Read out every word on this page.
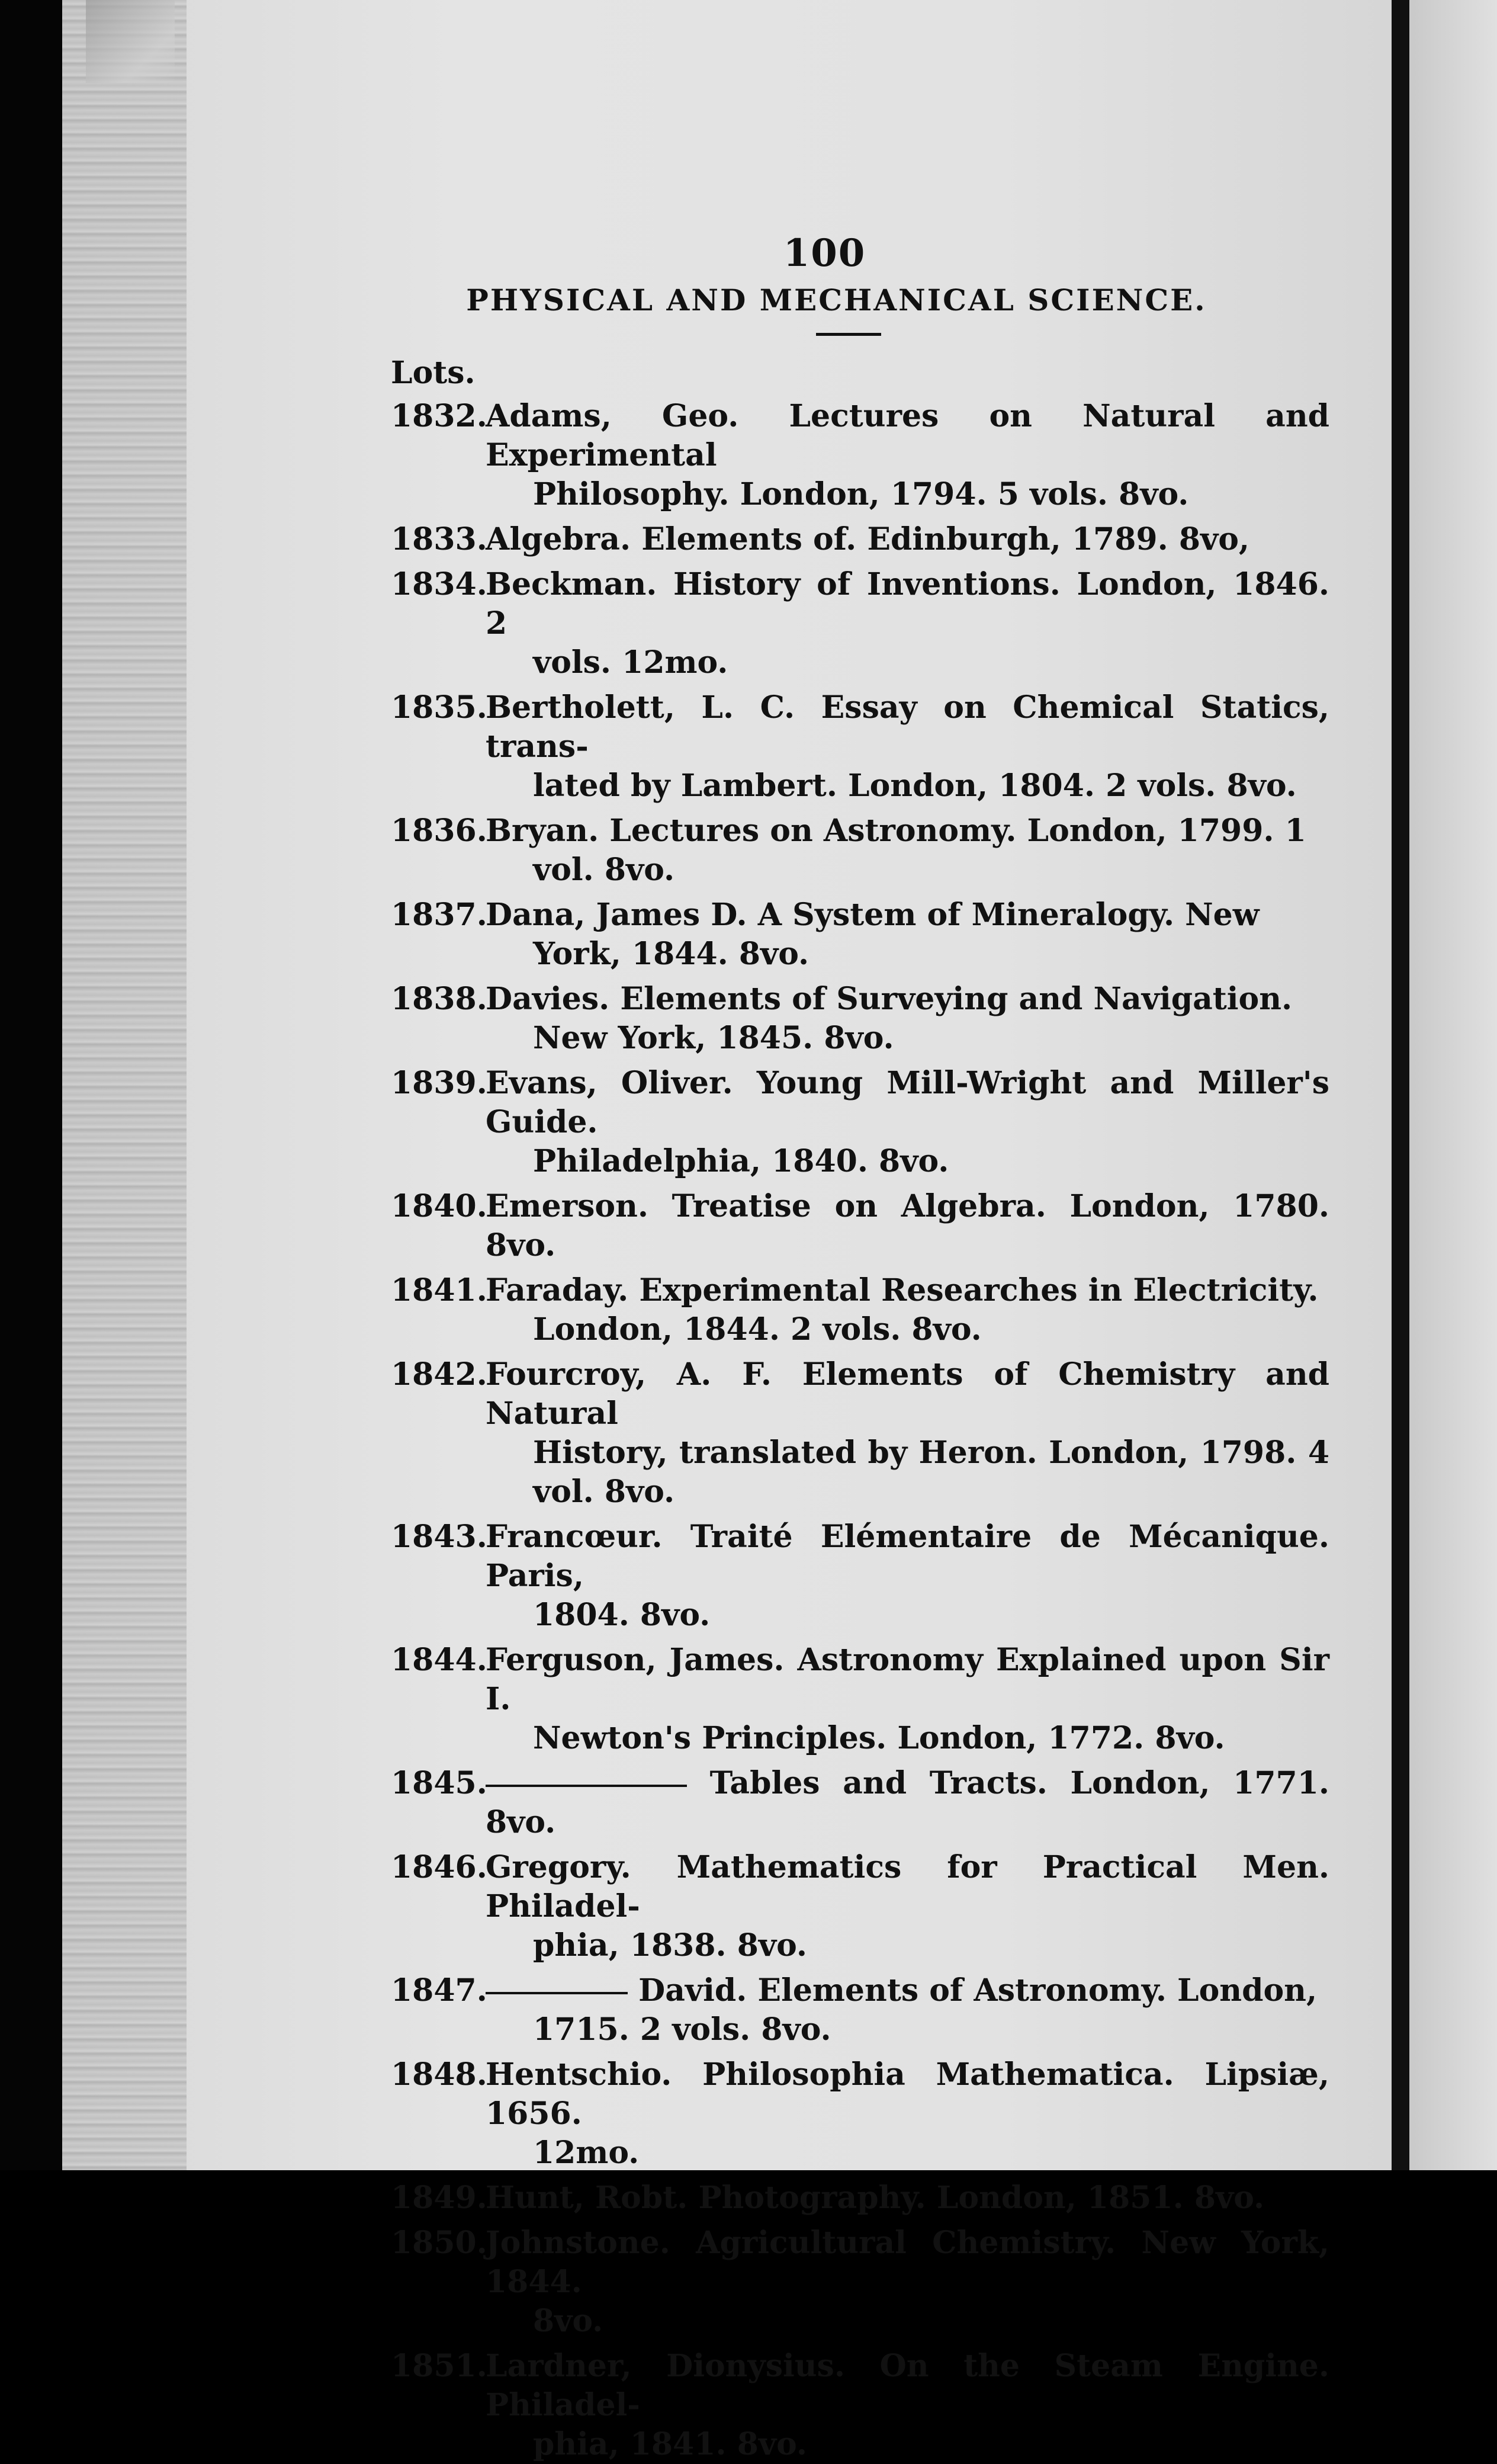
100
PHYSICAL AND MECHANICAL SCIENCE.
Lots.
1832.
Adams, Geo. Lectures on Natural and Experimental
Philosophy. London, 1794. 5 vols. 8vo.
1833.
Algebra. Elements of. Edinburgh, 1789. 8vo,
1834.
Beckman. History of Inventions. London, 1846. 2
vols. 12mo.
1835.
Bertholett, L. C. Essay on Chemical Statics, trans-
lated by Lambert. London, 1804. 2 vols. 8vo.
1836.
Bryan. Lectures on Astronomy. London, 1799. 1
vol. 8vo.
1837.
Dana, James D. A System of Mineralogy. New
York, 1844. 8vo.
1838.
Davies. Elements of Surveying and Navigation.
New York, 1845. 8vo.
1839.
Evans, Oliver. Young Mill-Wright and Miller's Guide.
Philadelphia, 1840. 8vo.
1840.
Emerson. Treatise on Algebra. London, 1780. 8vo.
1841.
Faraday. Experimental Researches in Electricity.
London, 1844. 2 vols. 8vo.
1842.
Fourcroy, A. F. Elements of Chemistry and Natural
History, translated by Heron. London, 1798. 4 vol. 8vo.
1843.
Francœur. Traité Elémentaire de Mécanique. Paris,
1804. 8vo.
1844.
Ferguson, James. Astronomy Explained upon Sir I.
Newton's Principles. London, 1772. 8vo.
1845.	Tables and Tracts. London, 1771. 8vo.
1846.
Gregory. Mathematics for Practical Men. Philadel-
phia, 1838. 8vo.
1847.	David. Elements of Astronomy. London,
1715. 2 vols. 8vo.
1848.
Hentschio. Philosophia Mathematica. Lipsiæ, 1656.
12mo.
1849.
Hunt, Robt. Photography. London, 1851. 8vo.
1850.
Johnstone. Agricultural Chemistry. New York, 1844.
8vo.
1851.
Lardner, Dionysius. On the Steam Engine. Philadel-
phia, 1841. 8vo.
